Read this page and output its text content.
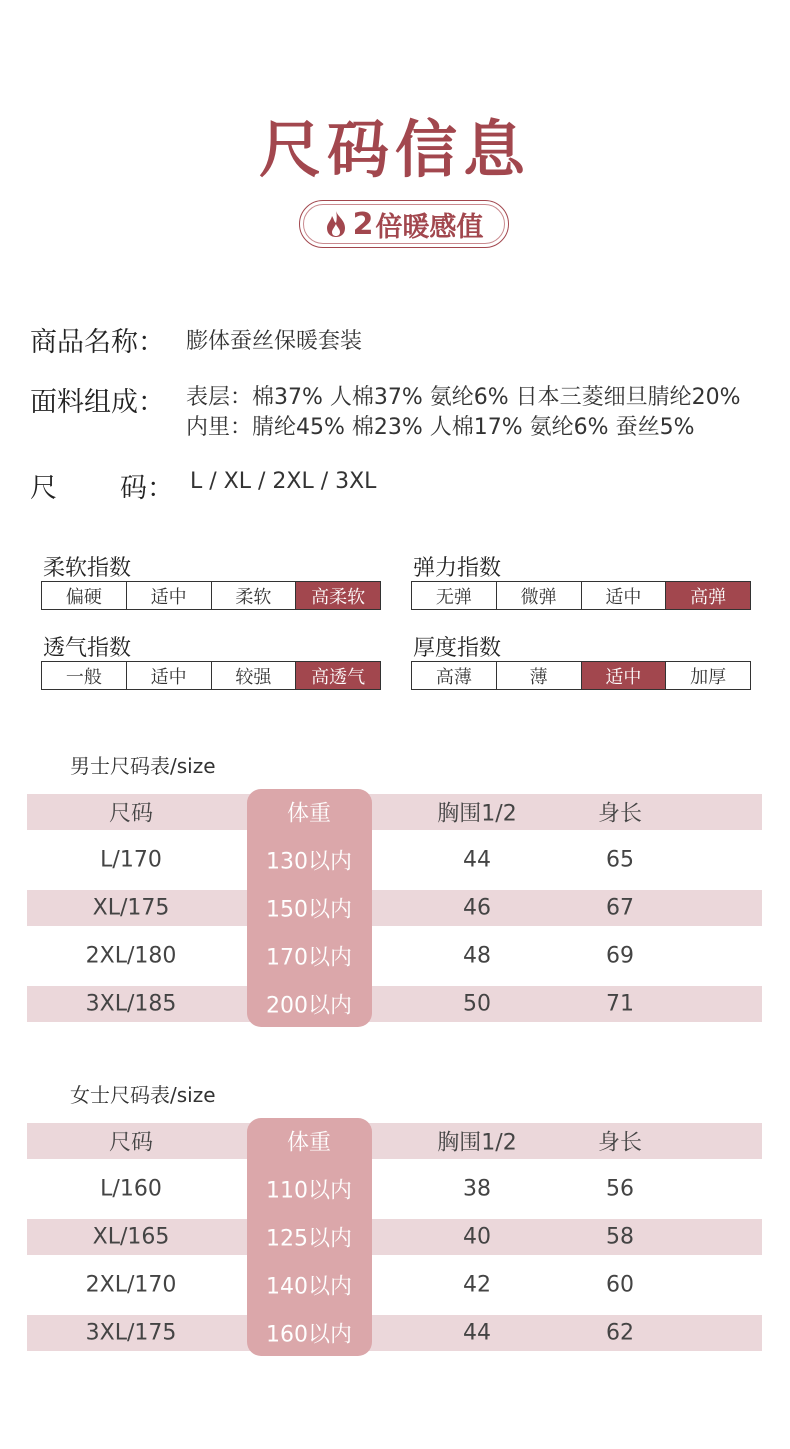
尺码信息
2 倍暖感值
商品名称： 膨体蚕丝保暖套装
面料组成： 表层：棉37% 人棉37% 氨纶6% 日本三菱细旦腈纶20%
内里：腈纶45% 棉23% 人棉17% 氨纶6% 蚕丝5%
尺 码： L / XL / 2XL / 3XL
柔软指数
偏硬	适中	柔软	高柔软
弹力指数
无弹	微弹	适中	高弹
透气指数
一般	适中	较强	高透气
厚度指数
高薄	薄	适中	加厚
男士尺码表/size
尺码	体重	胸围1/2	身长
L/170	130以内	44	65
XL/175	150以内	46	67
2XL/180	170以内	48	69
3XL/185	200以内	50	71
女士尺码表/size
尺码	体重	胸围1/2	身长
L/160	110以内	38	56
XL/165	125以内	40	58
2XL/170	140以内	42	60
3XL/175	160以内	44	62
